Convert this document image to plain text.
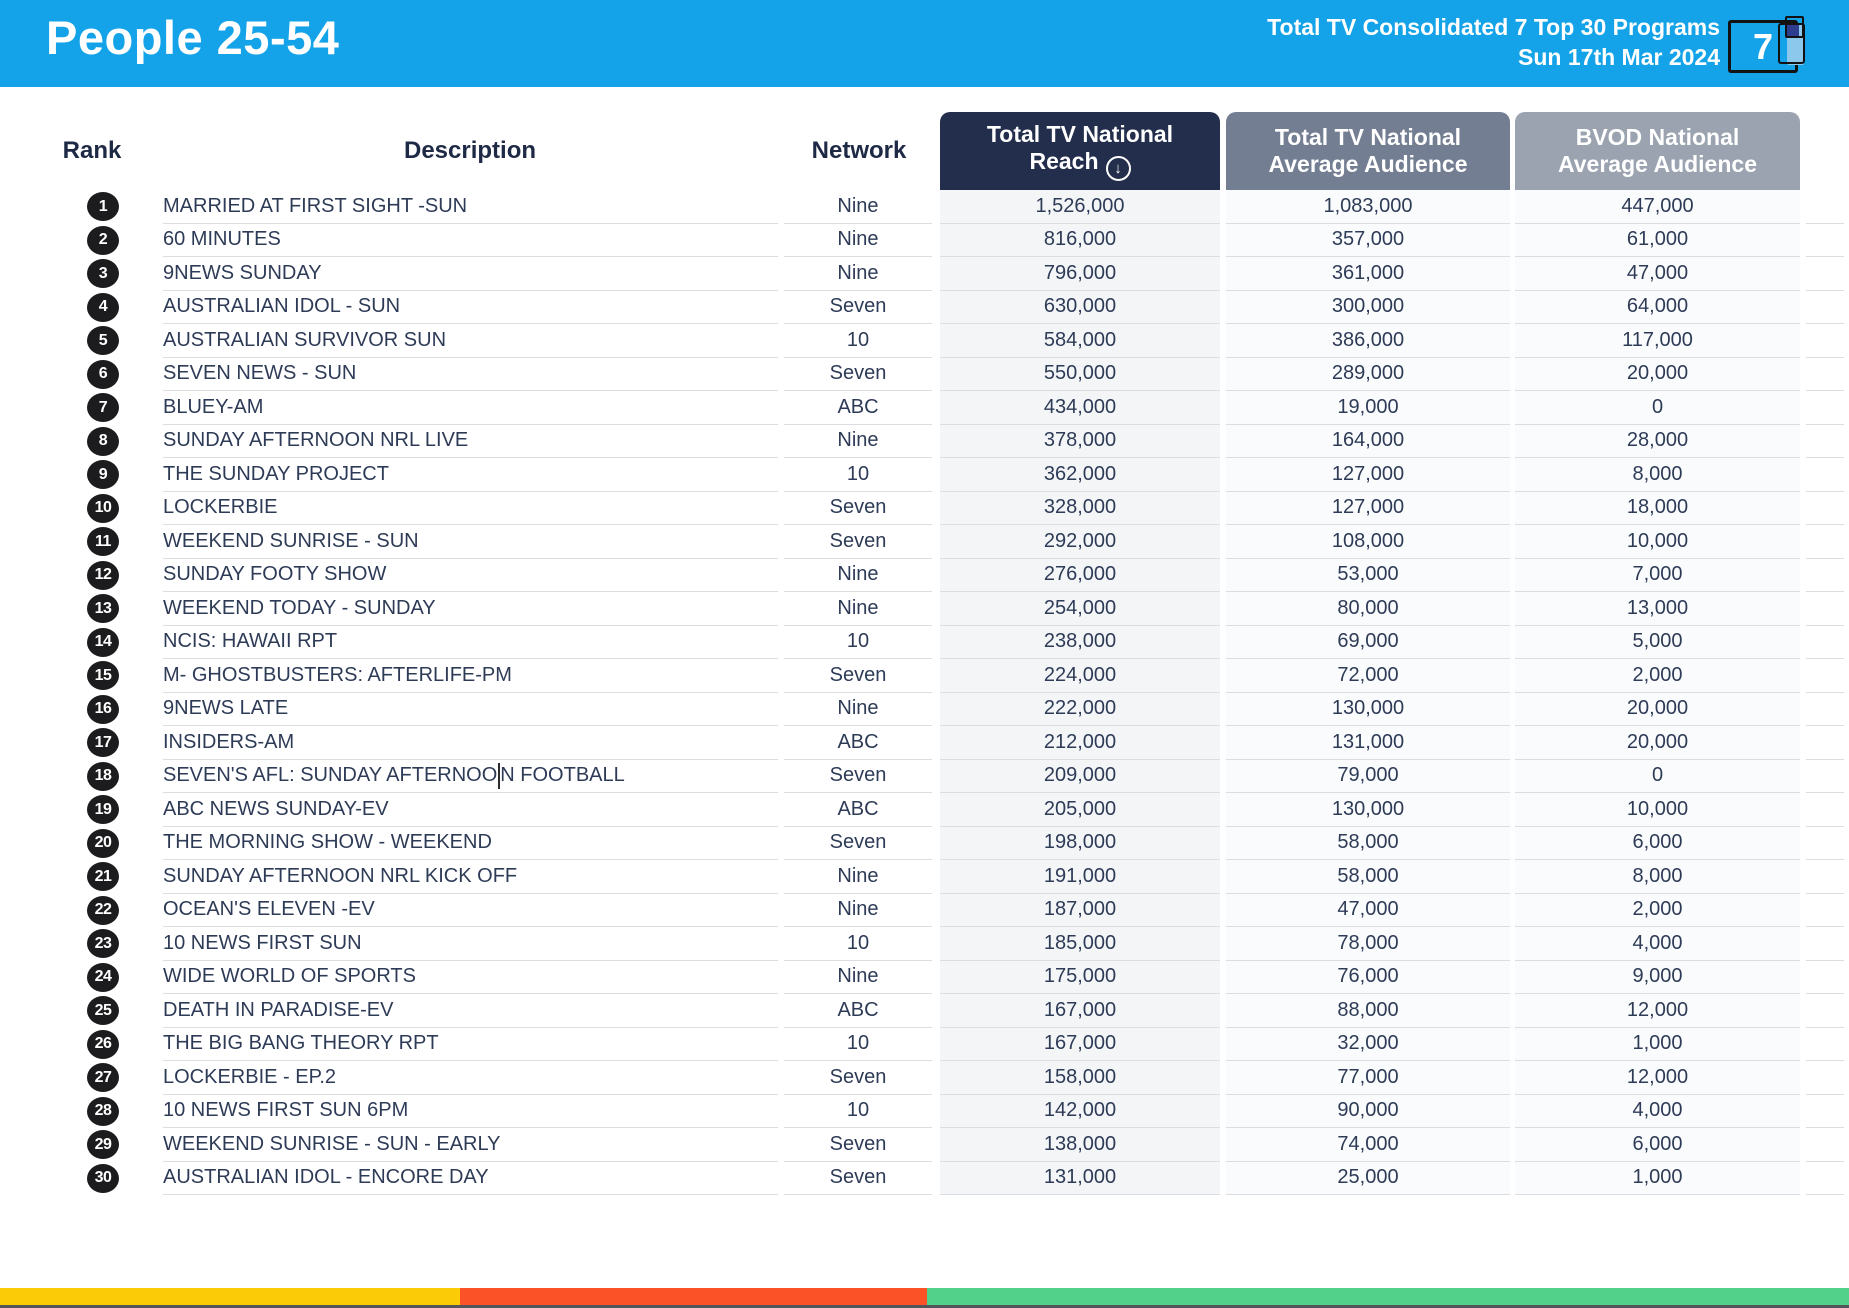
People 25-54	Total TV Consolidated 7 Top 30 Programs
Sun 17th Mar 2024 7
Rank	Description	Network
Total TV National
Reach ↓
Total TV National
Average Audience
BVOD National
Average Audience
1	MARRIED AT FIRST SIGHT -SUN	Nine	1,526,000	1,083,000	447,000
2	60 MINUTES	Nine	816,000	357,000	61,000
3	9NEWS SUNDAY	Nine	796,000	361,000	47,000
4	AUSTRALIAN IDOL - SUN	Seven	630,000	300,000	64,000
5	AUSTRALIAN SURVIVOR SUN	10	584,000	386,000	117,000
6	SEVEN NEWS - SUN	Seven	550,000	289,000	20,000
7	BLUEY-AM	ABC	434,000	19,000	0
8	SUNDAY AFTERNOON NRL LIVE	Nine	378,000	164,000	28,000
9	THE SUNDAY PROJECT	10	362,000	127,000	8,000
10	LOCKERBIE	Seven	328,000	127,000	18,000
11	WEEKEND SUNRISE - SUN	Seven	292,000	108,000	10,000
12	SUNDAY FOOTY SHOW	Nine	276,000	53,000	7,000
13	WEEKEND TODAY - SUNDAY	Nine	254,000	80,000	13,000
14	NCIS: HAWAII RPT	10	238,000	69,000	5,000
15	M- GHOSTBUSTERS: AFTERLIFE-PM	Seven	224,000	72,000	2,000
16	9NEWS LATE	Nine	222,000	130,000	20,000
17	INSIDERS-AM	ABC	212,000	131,000	20,000
18	SEVEN'S AFL: SUNDAY AFTERNOO N FOOTBALL	Seven	209,000	79,000	0
19	ABC NEWS SUNDAY-EV	ABC	205,000	130,000	10,000
20	THE MORNING SHOW - WEEKEND	Seven	198,000	58,000	6,000
21	SUNDAY AFTERNOON NRL KICK OFF	Nine	191,000	58,000	8,000
22	OCEAN'S ELEVEN -EV	Nine	187,000	47,000	2,000
23	10 NEWS FIRST SUN	10	185,000	78,000	4,000
24	WIDE WORLD OF SPORTS	Nine	175,000	76,000	9,000
25	DEATH IN PARADISE-EV	ABC	167,000	88,000	12,000
26	THE BIG BANG THEORY RPT	10	167,000	32,000	1,000
27	LOCKERBIE - EP.2	Seven	158,000	77,000	12,000
28	10 NEWS FIRST SUN 6PM	10	142,000	90,000	4,000
29	WEEKEND SUNRISE - SUN - EARLY	Seven	138,000	74,000	6,000
30	AUSTRALIAN IDOL - ENCORE DAY	Seven	131,000	25,000	1,000
